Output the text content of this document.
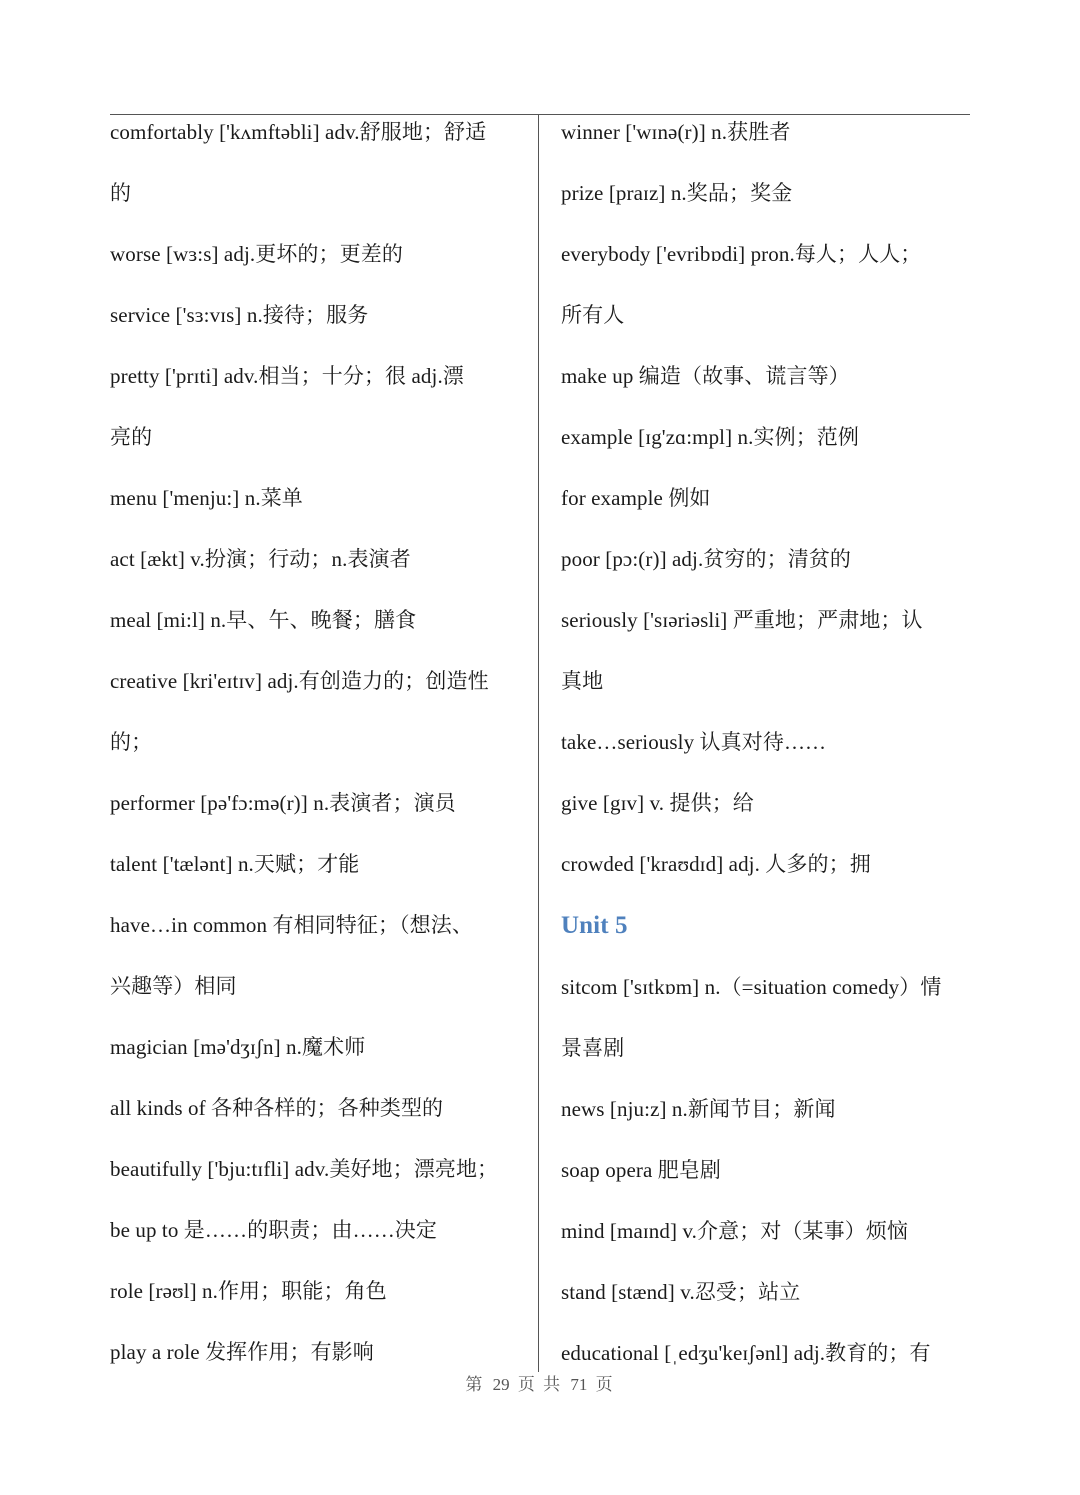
comfortably ['kʌmftəbli] adv.舒服地；舒适
的
worse [wɜ:s] adj.更坏的；更差的
service ['sɜ:vɪs] n.接待；服务
pretty ['prɪti] adv.相当；十分；很 adj.漂
亮的
menu ['menju:] n.菜单
act [ækt] v.扮演；行动；n.表演者
meal [mi:l] n.早、午、晚餐；膳食
creative [kri'eɪtɪv] adj.有创造力的；创造性
的；
performer [pə'fɔ:mə(r)] n.表演者；演员
talent ['tælənt] n.天赋；才能
have…in common 有相同特征；（想法、
兴趣等）相同
magician [mə'dʒɪʃn] n.魔术师
all kinds of 各种各样的；各种类型的
beautifully ['bju:tɪfli] adv.美好地；漂亮地；
be up to 是……的职责；由……决定
role [rəʊl] n.作用；职能；角色
play a role 发挥作用；有影响
winner ['wɪnə(r)] n.获胜者
prize [praɪz] n.奖品；奖金
everybody ['evribɒdi] pron.每人；人人；
所有人
make up 编造（故事、谎言等）
example [ɪg'zɑ:mpl] n.实例；范例
for example 例如
poor [pɔ:(r)] adj.贫穷的；清贫的
seriously ['sɪəriəsli] 严重地；严肃地；认
真地
take…seriously 认真对待……
give [gɪv] v. 提供；给
crowded ['kraʊdɪd] adj. 人多的；拥
Unit 5
sitcom ['sɪtkɒm] n.（=situation comedy）情
景喜剧
news [nju:z] n.新闻节目；新闻
soap opera 肥皂剧
mind [maɪnd] v.介意；对（某事）烦恼
stand [stænd] v.忍受；站立
educational [ˌedʒu'keɪʃənl] adj.教育的；有
第 29 页 共 71 页
